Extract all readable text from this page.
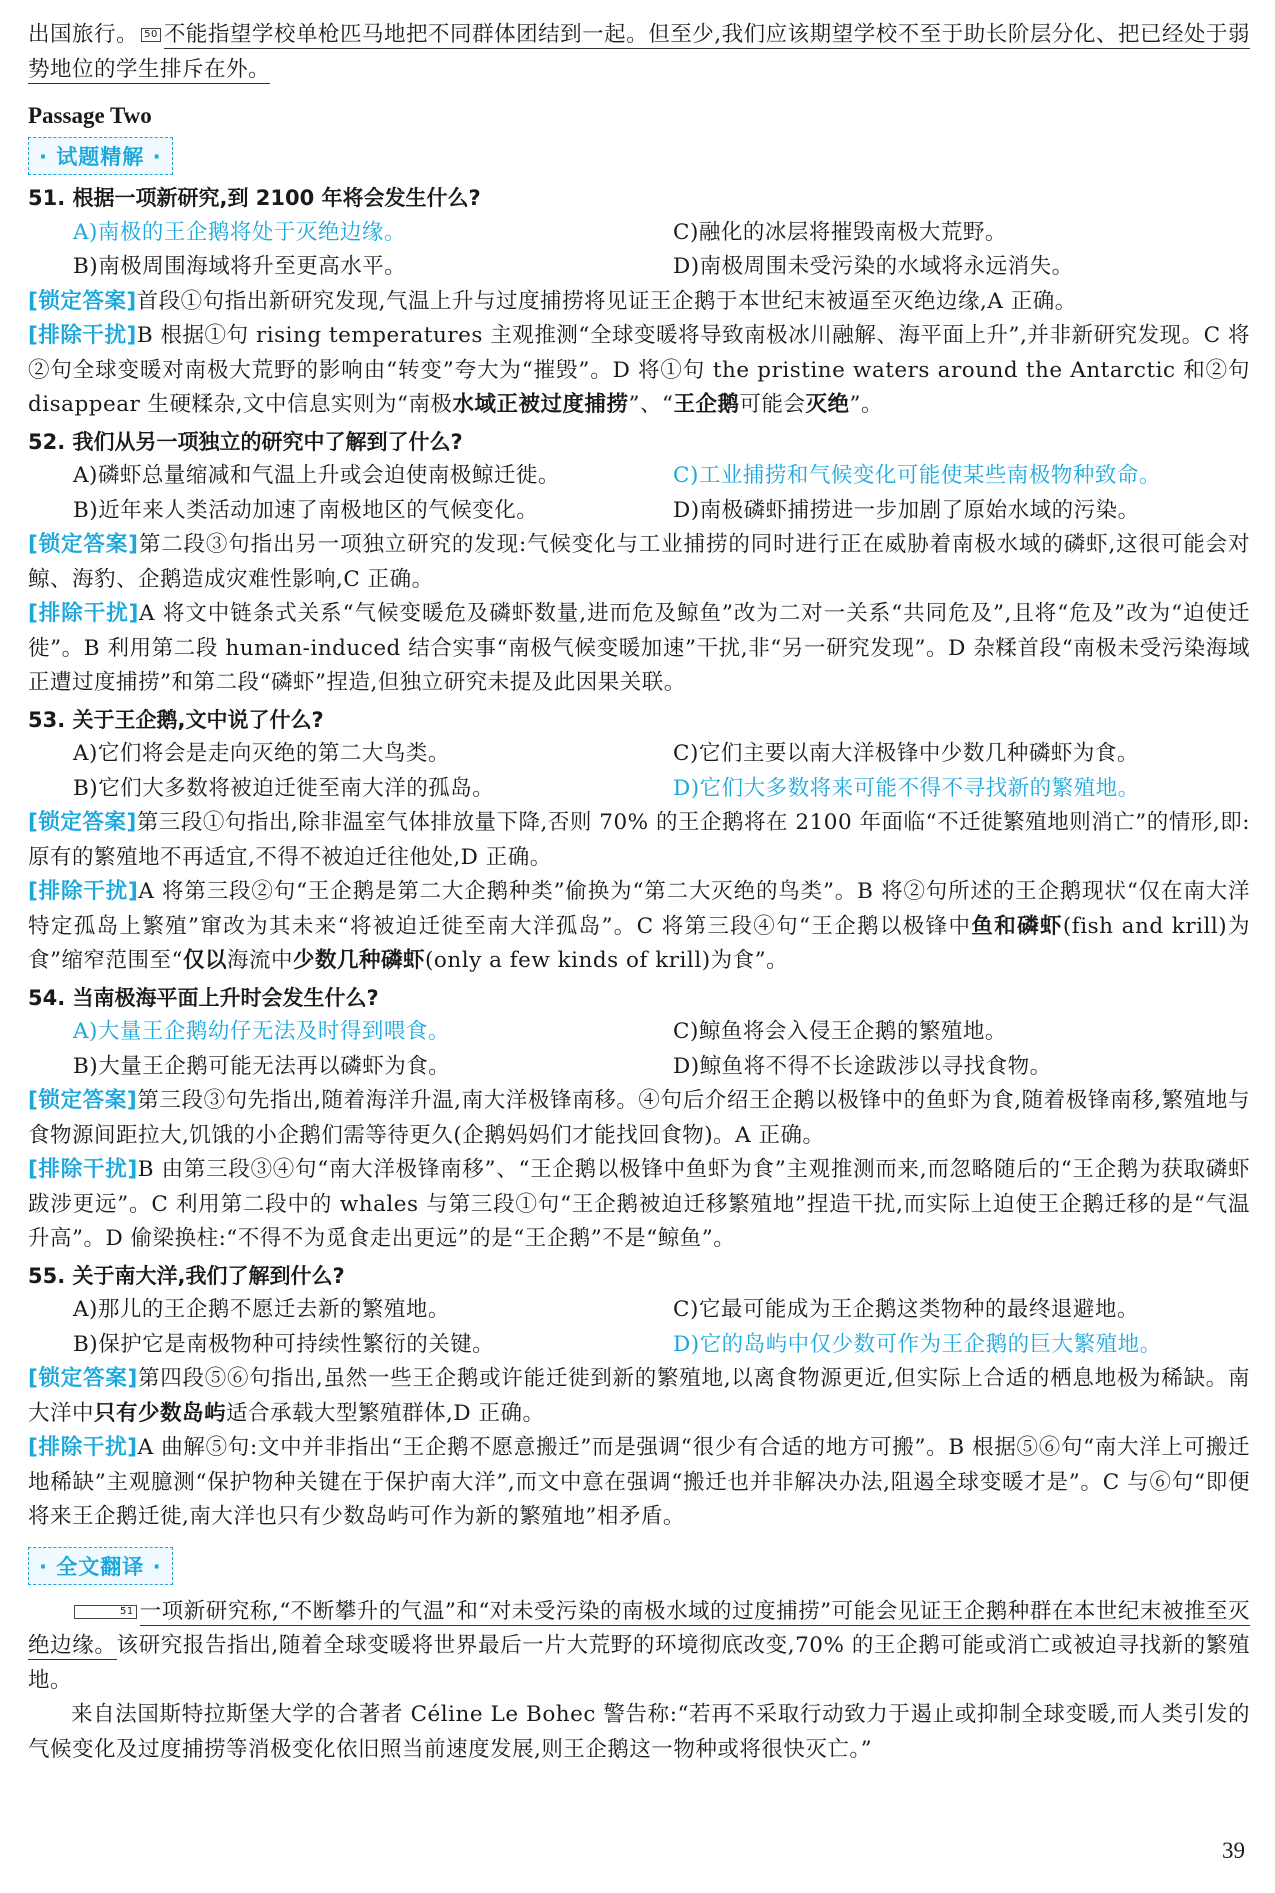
出国旅行。 50 不能指望学校单枪匹马地把不同群体团结到一起。但至少,我们应该期望学校不至于助长阶层分化、把已经处于弱势地位的学生排斥在外。

Passage Two
· 试题精解 ·
51. 根据一项新研究,到 2100 年将会发生什么?
A)南极的王企鹅将处于灭绝边缘。	C)融化的冰层将摧毁南极大荒野。
B)南极周围海域将升至更高水平。	D)南极周围未受污染的水域将永远消失。

[锁定答案]首段①句指出新研究发现,气温上升与过度捕捞将见证王企鹅于本世纪末被逼至灭绝边缘,A 正确。

[排除干扰]B 根据①句 rising temperatures 主观推测“全球变暖将导致南极冰川融解、海平面上升”,并非新研究发现。C 将②句全球变暖对南极大荒野的影响由“转变”夸大为“摧毁”。D 将①句 the pristine waters around the Antarctic 和②句 disappear 生硬糅杂,文中信息实则为“南极水域正被过度捕捞”、“王企鹅可能会灭绝”。

52. 我们从另一项独立的研究中了解到了什么?
A)磷虾总量缩减和气温上升或会迫使南极鲸迁徙。	C)工业捕捞和气候变化可能使某些南极物种致命。
B)近年来人类活动加速了南极地区的气候变化。	D)南极磷虾捕捞进一步加剧了原始水域的污染。

[锁定答案]第二段③句指出另一项独立研究的发现:气候变化与工业捕捞的同时进行正在威胁着南极水域的磷虾,这很可能会对鲸、海豹、企鹅造成灾难性影响,C 正确。

[排除干扰]A 将文中链条式关系“气候变暖危及磷虾数量,进而危及鲸鱼”改为二对一关系“共同危及”,且将“危及”改为“迫使迁徙”。B 利用第二段 human-induced 结合实事“南极气候变暖加速”干扰,非“另一研究发现”。D 杂糅首段“南极未受污染海域正遭过度捕捞”和第二段“磷虾”捏造,但独立研究未提及此因果关联。

53. 关于王企鹅,文中说了什么?
A)它们将会是走向灭绝的第二大鸟类。	C)它们主要以南大洋极锋中少数几种磷虾为食。
B)它们大多数将被迫迁徙至南大洋的孤岛。	D)它们大多数将来可能不得不寻找新的繁殖地。

[锁定答案]第三段①句指出,除非温室气体排放量下降,否则 70% 的王企鹅将在 2100 年面临“不迁徙繁殖地则消亡”的情形,即:原有的繁殖地不再适宜,不得不被迫迁往他处,D 正确。

[排除干扰]A 将第三段②句“王企鹅是第二大企鹅种类”偷换为“第二大灭绝的鸟类”。B 将②句所述的王企鹅现状“仅在南大洋特定孤岛上繁殖”窜改为其未来“将被迫迁徙至南大洋孤岛”。C 将第三段④句“王企鹅以极锋中鱼和磷虾(fish and krill)为食”缩窄范围至“仅以海流中少数几种磷虾(only a few kinds of krill)为食”。

54. 当南极海平面上升时会发生什么?
A)大量王企鹅幼仔无法及时得到喂食。	C)鲸鱼将会入侵王企鹅的繁殖地。
B)大量王企鹅可能无法再以磷虾为食。	D)鲸鱼将不得不长途跋涉以寻找食物。

[锁定答案]第三段③句先指出,随着海洋升温,南大洋极锋南移。④句后介绍王企鹅以极锋中的鱼虾为食,随着极锋南移,繁殖地与食物源间距拉大,饥饿的小企鹅们需等待更久(企鹅妈妈们才能找回食物)。A 正确。

[排除干扰]B 由第三段③④句“南大洋极锋南移”、“王企鹅以极锋中鱼虾为食”主观推测而来,而忽略随后的“王企鹅为获取磷虾跋涉更远”。C 利用第二段中的 whales 与第三段①句“王企鹅被迫迁移繁殖地”捏造干扰,而实际上迫使王企鹅迁移的是“气温升高”。D 偷梁换柱:“不得不为觅食走出更远”的是“王企鹅”不是“鲸鱼”。

55. 关于南大洋,我们了解到什么?
A)那儿的王企鹅不愿迁去新的繁殖地。	C)它最可能成为王企鹅这类物种的最终退避地。
B)保护它是南极物种可持续性繁衍的关键。	D)它的岛屿中仅少数可作为王企鹅的巨大繁殖地。

[锁定答案]第四段⑤⑥句指出,虽然一些王企鹅或许能迁徙到新的繁殖地,以离食物源更近,但实际上合适的栖息地极为稀缺。南大洋中只有少数岛屿适合承载大型繁殖群体,D 正确。

[排除干扰]A 曲解⑤句:文中并非指出“王企鹅不愿意搬迁”而是强调“很少有合适的地方可搬”。B 根据⑤⑥句“南大洋上可搬迁地稀缺”主观臆测“保护物种关键在于保护南大洋”,而文中意在强调“搬迁也并非解决办法,阻遏全球变暖才是”。C 与⑥句“即便将来王企鹅迁徙,南大洋也只有少数岛屿可作为新的繁殖地”相矛盾。

· 全文翻译 ·

51 一项新研究称,“不断攀升的气温”和“对未受污染的南极水域的过度捕捞”可能会见证王企鹅种群在本世纪末被推至灭绝边缘。该研究报告指出,随着全球变暖将世界最后一片大荒野的环境彻底改变,70% 的王企鹅可能或消亡或被迫寻找新的繁殖地。

来自法国斯特拉斯堡大学的合著者 Céline Le Bohec 警告称:“若再不采取行动致力于遏止或抑制全球变暖,而人类引发的气候变化及过度捕捞等消极变化依旧照当前速度发展,则王企鹅这一物种或将很快灭亡。”

39
